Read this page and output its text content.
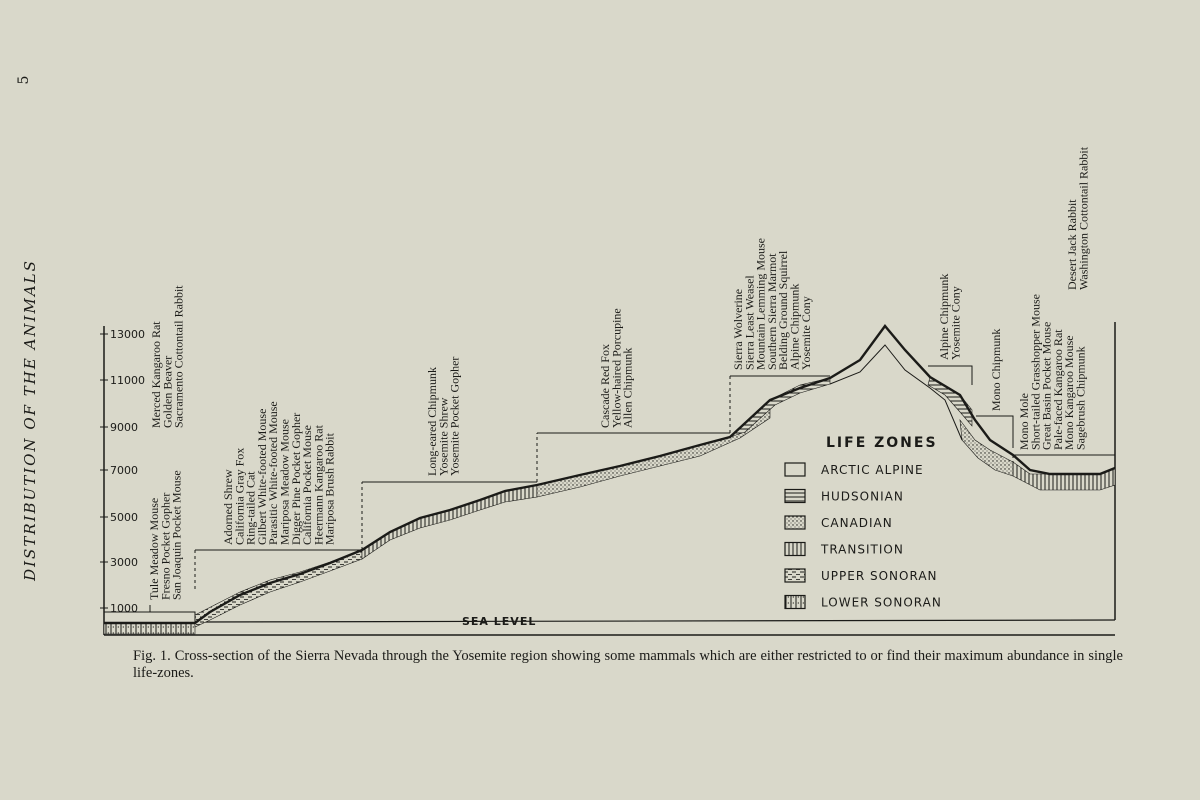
DISTRIBUTION OF THE ANIMALS
5
13000
11000
9000
7000
5000
3000
1000
SEA LEVEL
Tule Meadow Mouse
Fresno Pocket Gopher
San Joaquin Pocket Mouse
Merced Kangaroo Rat
Golden Beaver
Sacramento Cottontail Rabbit
Adorned Shrew
California Gray Fox
Ring-tailed Cat
Gilbert White-footed Mouse
Parasitic White-footed Mouse
Mariposa Meadow Mouse
Digger Pine Pocket Gopher
California Pocket Mouse
Heermann Kangaroo Rat
Mariposa Brush Rabbit
Long-eared Chipmunk
Yosemite Shrew
Yosemite Pocket Gopher	Cascade Red Fox
Yellow-haired Porcupine
Allen Chipmunk
Sierra Wolverine
Sierra Least Weasel
Mountain Lemming Mouse
Southern Sierra Marmot
Belding Ground Squirrel
Alpine Chipmunk
Yosemite Cony	Alpine Chipmunk
Yosemite Cony
Mono Chipmunk
Mono Mole
Short-tailed Grasshopper Mouse
Great Basin Pocket Mouse
Pale-faced Kangaroo Rat
Mono Kangaroo Mouse
Sagebrush Chipmunk
Desert Jack Rabbit
Washington Cottontail Rabbit
LIFE ZONES
ARCTIC ALPINE
HUDSONIAN
CANADIAN
TRANSITION
UPPER SONORAN
LOWER SONORAN
Fig. 1. Cross-section of the Sierra Nevada through the Yosemite region showing some mammals which are either restricted to or find their maximum abundance in single life-zones.
